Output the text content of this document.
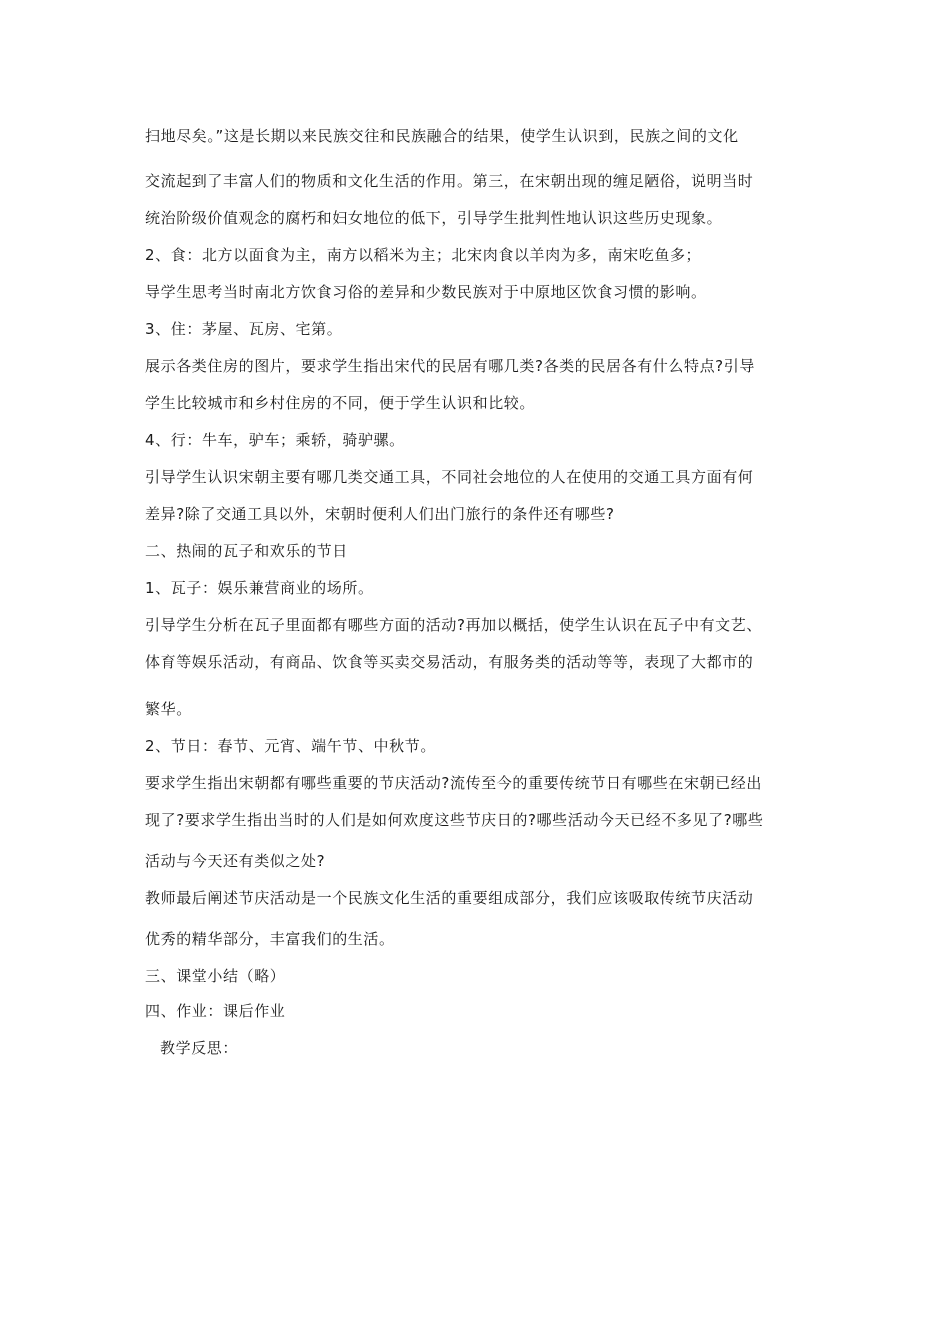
扫地尽矣。”这是长期以来民族交往和民族融合的结果，使学生认识到，民族之间的文化
交流起到了丰富人们的物质和文化生活的作用。第三，在宋朝出现的缠足陋俗，说明当时
统治阶级价值观念的腐朽和妇女地位的低下，引导学生批判性地认识这些历史现象。
2、食：北方以面食为主，南方以稻米为主；北宋肉食以羊肉为多，南宋吃鱼多；
导学生思考当时南北方饮食习俗的差异和少数民族对于中原地区饮食习惯的影响。
3、住：茅屋、瓦房、宅第。
展示各类住房的图片，要求学生指出宋代的民居有哪几类?各类的民居各有什么特点?引导
学生比较城市和乡村住房的不同，便于学生认识和比较。
4、行：牛车，驴车；乘轿，骑驴骡。
引导学生认识宋朝主要有哪几类交通工具，不同社会地位的人在使用的交通工具方面有何
差异?除了交通工具以外，宋朝时便利人们出门旅行的条件还有哪些?
二、热闹的瓦子和欢乐的节日
1、瓦子：娱乐兼营商业的场所。
引导学生分析在瓦子里面都有哪些方面的活动?再加以概括，使学生认识在瓦子中有文艺、
体育等娱乐活动，有商品、饮食等买卖交易活动，有服务类的活动等等，表现了大都市的
繁华。
2、节日：春节、元宵、端午节、中秋节。
要求学生指出宋朝都有哪些重要的节庆活动?流传至今的重要传统节日有哪些在宋朝已经出
现了?要求学生指出当时的人们是如何欢度这些节庆日的?哪些活动今天已经不多见了?哪些
活动与今天还有类似之处?
教师最后阐述节庆活动是一个民族文化生活的重要组成部分，我们应该吸取传统节庆活动
优秀的精华部分，丰富我们的生活。
三、课堂小结（略）
四、作业：课后作业
教学反思：
